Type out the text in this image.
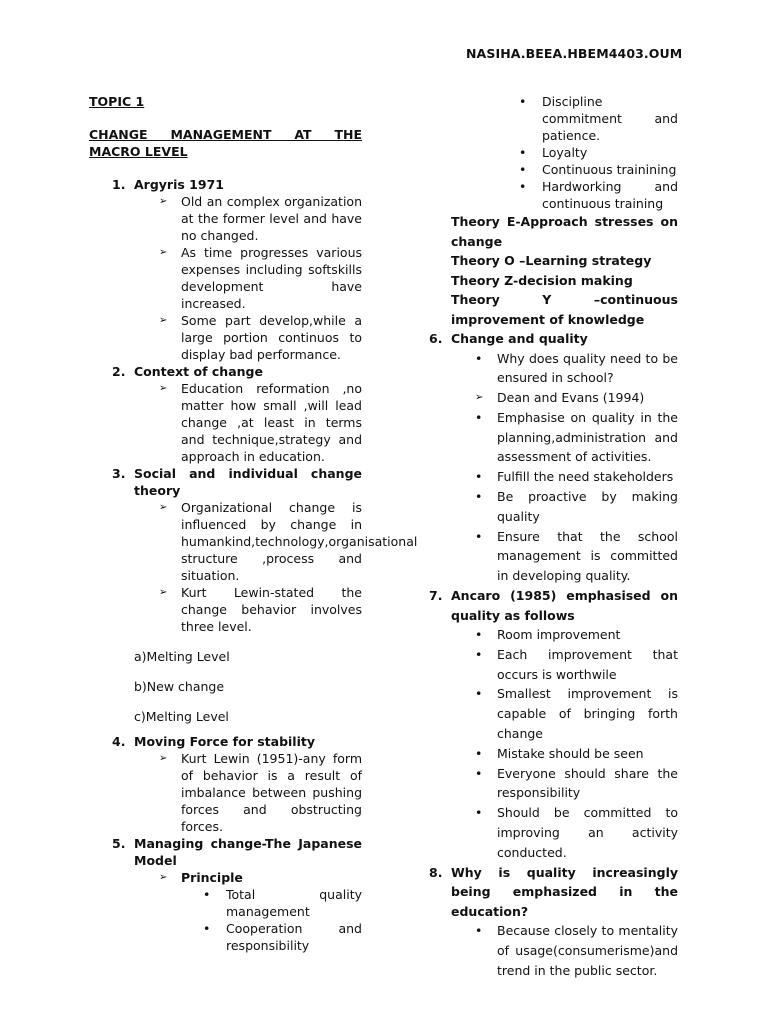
NASIHA.BEEA.HBEM4403.OUM
TOPIC 1
CHANGE MANAGEMENT AT THE MACRO LEVEL
1. Argyris 1971
➢ Old an complex organization at the former level and have no changed.
➢ As time progresses various expenses including softskills development have increased.
➢ Some part develop,while a large portion continuos to display bad performance.
2. Context of change
➢ Education reformation ,no matter how small ,will lead change ,at least in terms and technique,strategy and approach in education.
3. Social and individual change theory
➢ Organizational change is influenced by change in humankind,technology,organisational structure ,process and situation.
➢ Kurt Lewin-stated the change behavior involves three level.
a)Melting Level
b)New change
c)Melting Level
4. Moving Force for stability
➢ Kurt Lewin (1951)-any form of behavior is a result of imbalance between pushing forces and obstructing forces.
5. Managing change-The Japanese Model
➢ Principle
• Total quality management
• Cooperation and responsibility
• Discipline commitment and patience.
• Loyalty
• Continuous trainining
• Hardworking and continuous training
Theory E-Approach stresses on change
Theory O –Learning strategy
Theory Z-decision making
Theory Y –continuous improvement of knowledge
6. Change and quality
• Why does quality need to be ensured in school?
➢ Dean and Evans (1994)
• Emphasise on quality in the planning,administration and assessment of activities.
• Fulfill the need stakeholders
• Be proactive by making quality
• Ensure that the school management is committed in developing quality.
7. Ancaro (1985) emphasised on quality as follows
• Room improvement
• Each improvement that occurs is worthwile
• Smallest improvement is capable of bringing forth change
• Mistake should be seen
• Everyone should share the responsibility
• Should be committed to improving an activity conducted.
8. Why is quality increasingly being emphasized in the education?
• Because closely to mentality of usage(consumerisme)and trend in the public sector.
